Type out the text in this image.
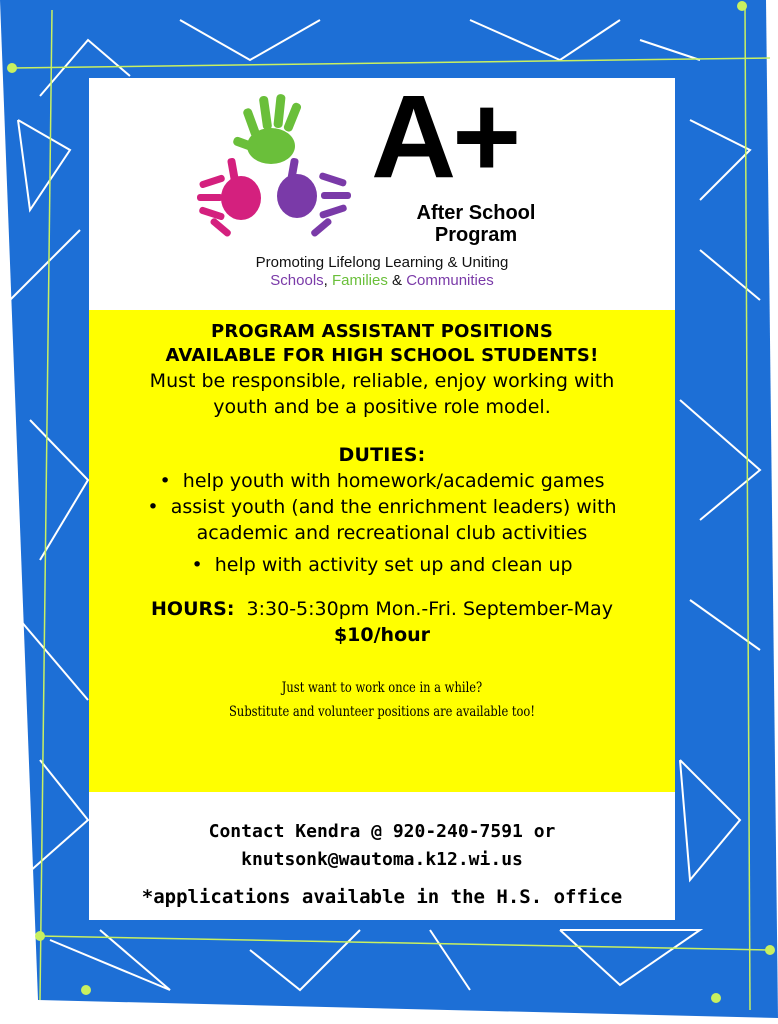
A+
After School
Program
Promoting Lifelong Learning & Uniting
Schools, Families & Communities
PROGRAM ASSISTANT POSITIONS
AVAILABLE FOR HIGH SCHOOL STUDENTS!
Must be responsible, reliable, enjoy working with
youth and be a positive role model.
DUTIES:
• help youth with homework/academic games
• assist youth (and the enrichment leaders) with
academic and recreational club activities
• help with activity set up and clean up
HOURS: 3:30-5:30pm Mon.-Fri. September-May
$10/hour
Just want to work once in a while?
Substitute and volunteer positions are available too!
Contact Kendra @ 920-240-7591 or
knutsonk@wautoma.k12.wi.us
*applications available in the H.S. office
